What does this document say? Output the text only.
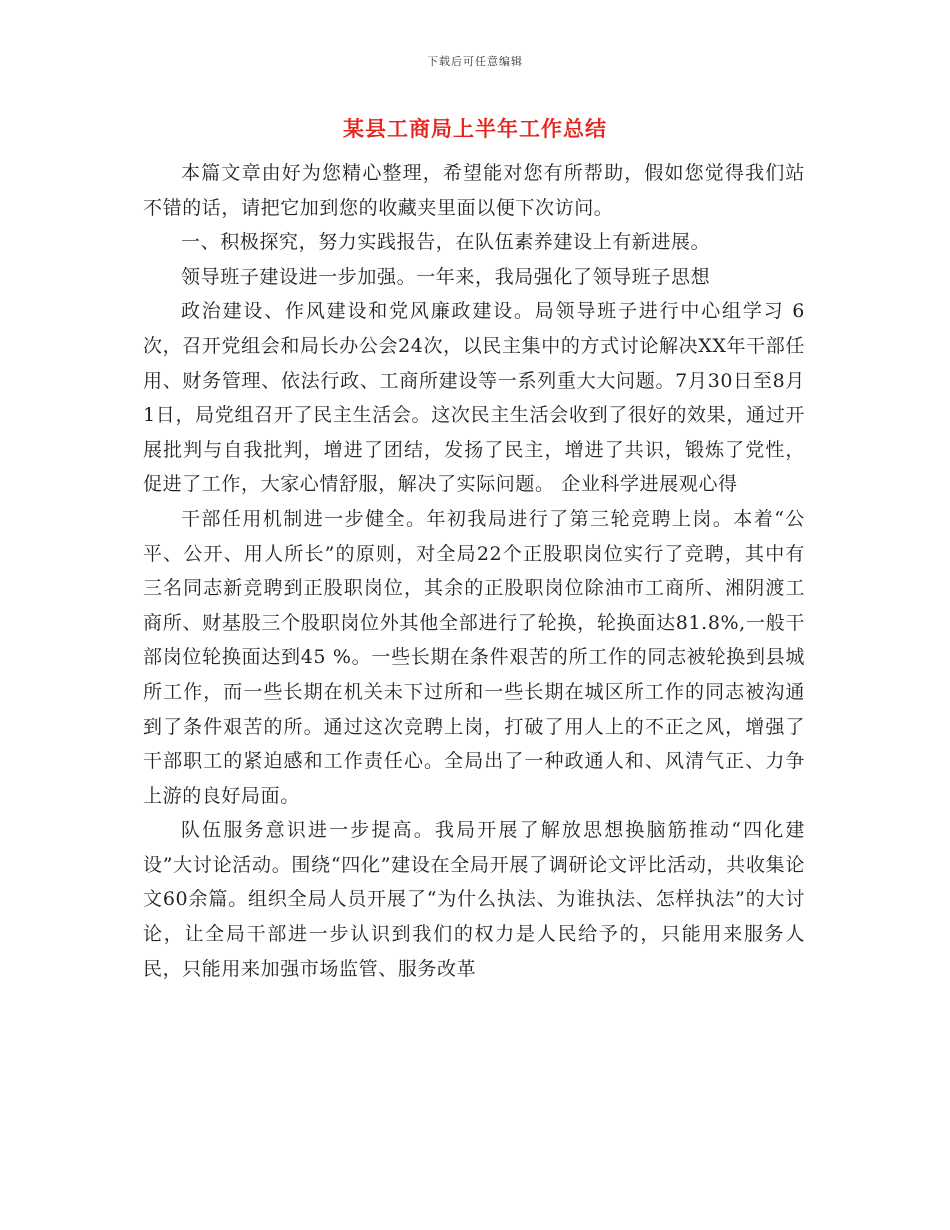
下载后可任意编辑
某县工商局上半年工作总结

本篇文章由好为您精心整理，希望能对您有所帮助，假如您觉得我们站不错的话，请把它加到您的收藏夹里面以便下次访问。

一、积极探究，努力实践报告，在队伍素养建设上有新进展。

领导班子建设进一步加强。一年来，我局强化了领导班子思想

政治建设、作风建设和党风廉政建设。局领导班子进行中心组学习 6 次，召开党组会和局长办公会24次，以民主集中的方式讨论解决XX年干部任用、财务管理、依法行政、工商所建设等一系列重大大问题。7月30日至8月1日，局党组召开了民主生活会。这次民主生活会收到了很好的效果，通过开展批判与自我批判，增进了团结，发扬了民主，增进了共识，锻炼了党性，促进了工作，大家心情舒服，解决了实际问题。 企业科学进展观心得

干部任用机制进一步健全。年初我局进行了第三轮竞聘上岗。本着“公平、公开、用人所长”的原则，对全局22个正股职岗位实行了竞聘，其中有三名同志新竞聘到正股职岗位，其余的正股职岗位除油市工商所、湘阴渡工商所、财基股三个股职岗位外其他全部进行了轮换，轮换面达81.8%,一般干部岗位轮换面达到45 %。一些长期在条件艰苦的所工作的同志被轮换到县城所工作，而一些长期在机关未下过所和一些长期在城区所工作的同志被沟通到了条件艰苦的所。通过这次竞聘上岗，打破了用人上的不正之风，增强了干部职工的紧迫感和工作责任心。全局出了一种政通人和、风清气正、力争上游的良好局面。

队伍服务意识进一步提高。我局开展了解放思想换脑筋推动“四化建设”大讨论活动。围绕“四化”建设在全局开展了调研论文评比活动，共收集论文60余篇。组织全局人员开展了“为什么执法、为谁执法、怎样执法”的大讨论，让全局干部进一步认识到我们的权力是人民给予的，只能用来服务人民，只能用来加强市场监管、服务改革
